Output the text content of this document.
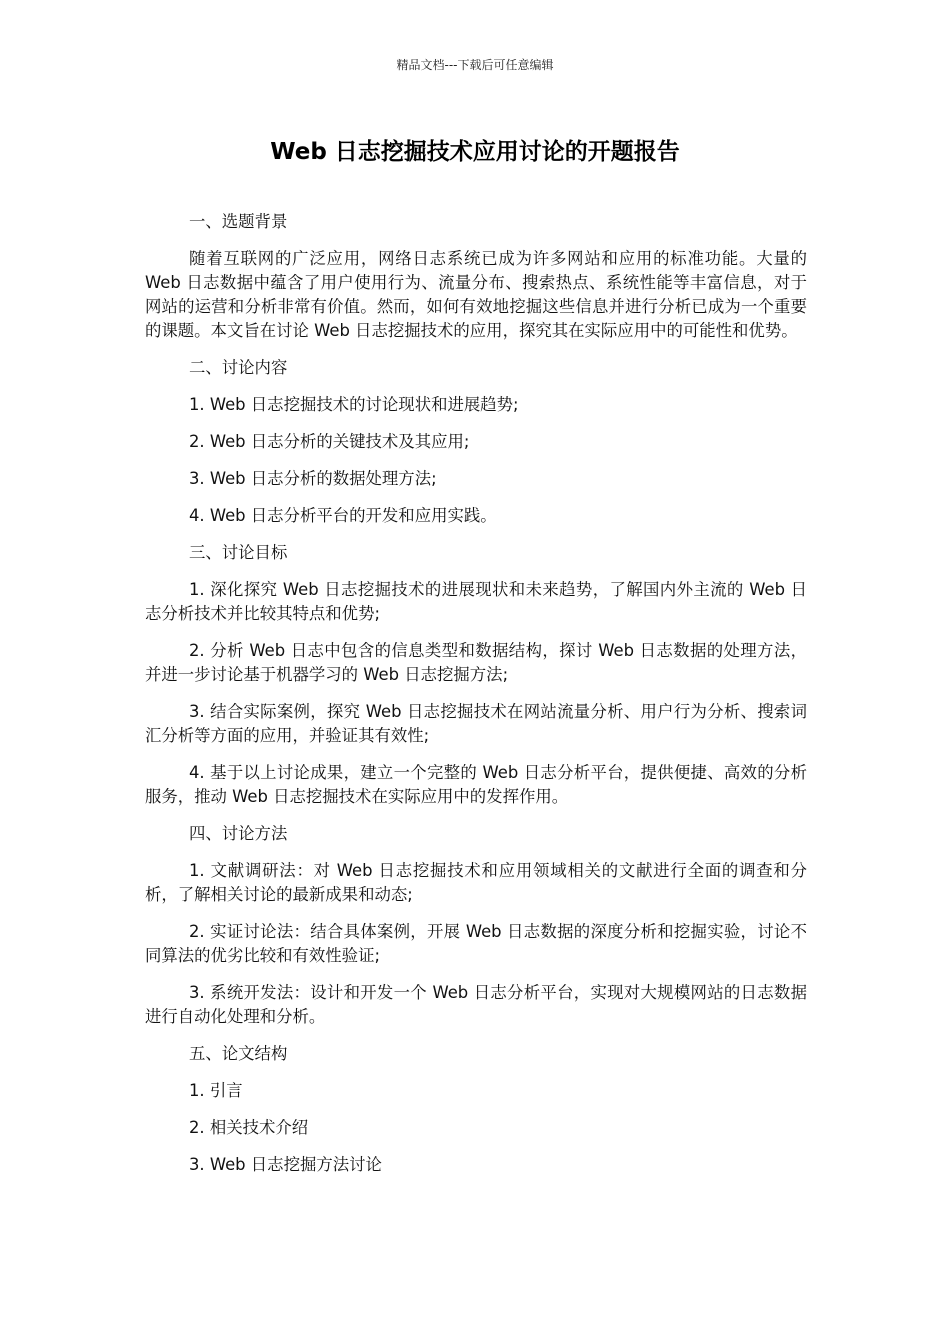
精品文档---下载后可任意编辑
Web 日志挖掘技术应用讨论的开题报告

一、选题背景

随着互联网的广泛应用，网络日志系统已成为许多网站和应用的标准功能。大量的 Web 日志数据中蕴含了用户使用行为、流量分布、搜索热点、系统性能等丰富信息，对于网站的运营和分析非常有价值。然而，如何有效地挖掘这些信息并进行分析已成为一个重要的课题。本文旨在讨论 Web 日志挖掘技术的应用，探究其在实际应用中的可能性和优势。

二、讨论内容

1. Web 日志挖掘技术的讨论现状和进展趋势;

2. Web 日志分析的关键技术及其应用;

3. Web 日志分析的数据处理方法;

4. Web 日志分析平台的开发和应用实践。

三、讨论目标

1. 深化探究 Web 日志挖掘技术的进展现状和未来趋势，了解国内外主流的 Web 日志分析技术并比较其特点和优势;

2. 分析 Web 日志中包含的信息类型和数据结构，探讨 Web 日志数据的处理方法，并进一步讨论基于机器学习的 Web 日志挖掘方法;

3. 结合实际案例，探究 Web 日志挖掘技术在网站流量分析、用户行为分析、搜索词汇分析等方面的应用，并验证其有效性;

4. 基于以上讨论成果，建立一个完整的 Web 日志分析平台，提供便捷、高效的分析服务，推动 Web 日志挖掘技术在实际应用中的发挥作用。

四、讨论方法

1. 文献调研法：对 Web 日志挖掘技术和应用领域相关的文献进行全面的调查和分析，了解相关讨论的最新成果和动态;

2. 实证讨论法：结合具体案例，开展 Web 日志数据的深度分析和挖掘实验，讨论不同算法的优劣比较和有效性验证;

3. 系统开发法：设计和开发一个 Web 日志分析平台，实现对大规模网站的日志数据进行自动化处理和分析。

五、论文结构

1. 引言

2. 相关技术介绍

3. Web 日志挖掘方法讨论
